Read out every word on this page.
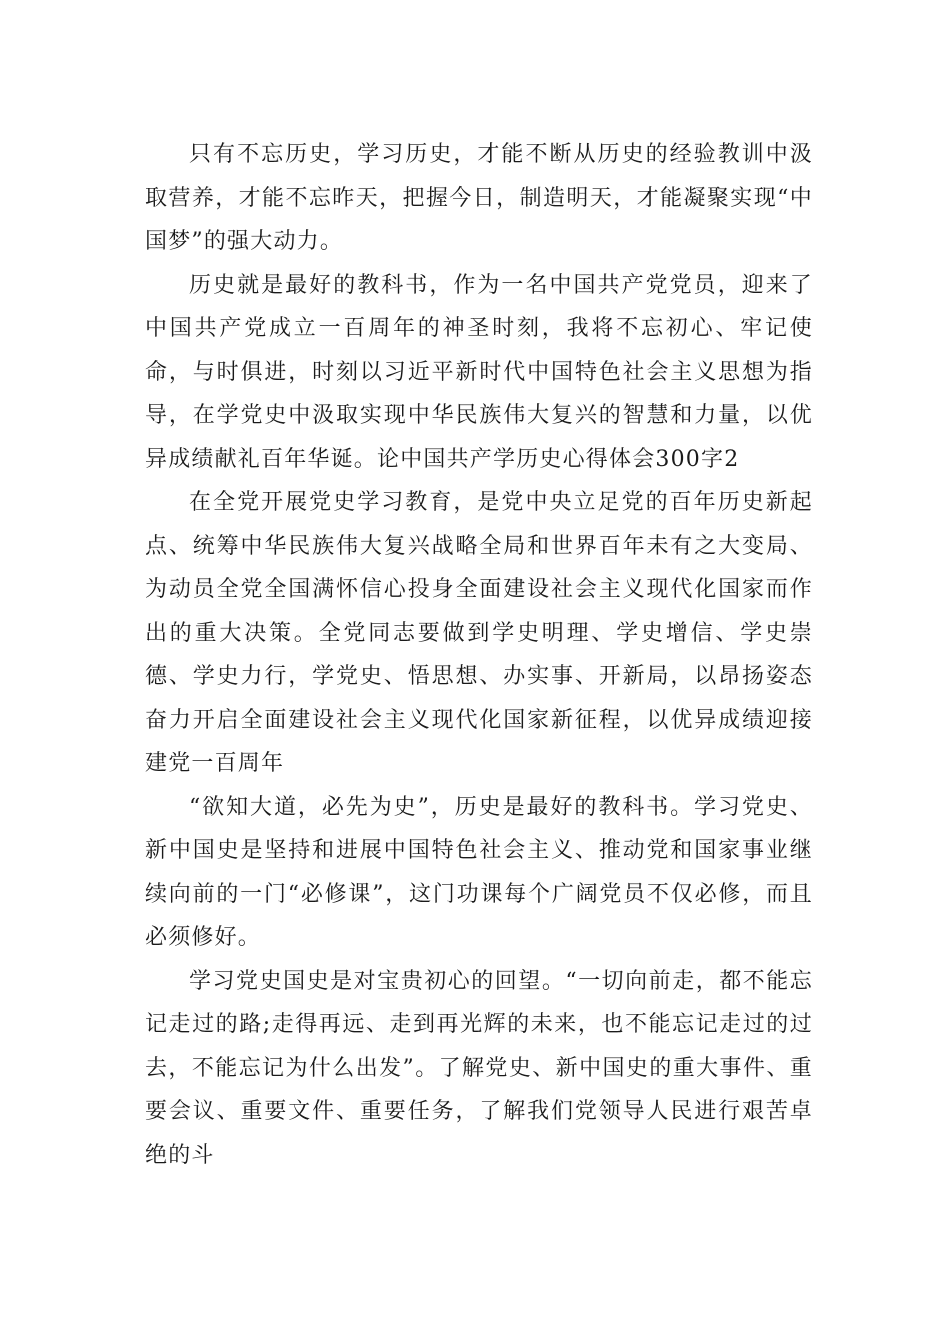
只有不忘历史，学习历史，才能不断从历史的经验教训中汲取营养，才能不忘昨天，把握今日，制造明天，才能凝聚实现“中国梦”的强大动力。

历史就是最好的教科书，作为一名中国共产党党员，迎来了中国共产党成立一百周年的神圣时刻，我将不忘初心、牢记使命，与时俱进，时刻以习近平新时代中国特色社会主义思想为指导，在学党史中汲取实现中华民族伟大复兴的智慧和力量，以优异成绩献礼百年华诞。论中国共产学历史心得体会300字2

在全党开展党史学习教育，是党中央立足党的百年历史新起点、统筹中华民族伟大复兴战略全局和世界百年未有之大变局、为动员全党全国满怀信心投身全面建设社会主义现代化国家而作出的重大决策。全党同志要做到学史明理、学史增信、学史崇德、学史力行，学党史、悟思想、办实事、开新局，以昂扬姿态奋力开启全面建设社会主义现代化国家新征程，以优异成绩迎接建党一百周年

“欲知大道，必先为史”，历史是最好的教科书。学习党史、新中国史是坚持和进展中国特色社会主义、推动党和国家事业继续向前的一门“必修课”，这门功课每个广阔党员不仅必修，而且必须修好。

学习党史国史是对宝贵初心的回望。“一切向前走，都不能忘记走过的路;走得再远、走到再光辉的未来，也不能忘记走过的过去，不能忘记为什么出发”。了解党史、新中国史的重大事件、重要会议、重要文件、重要任务，了解我们党领导人民进行艰苦卓绝的斗
